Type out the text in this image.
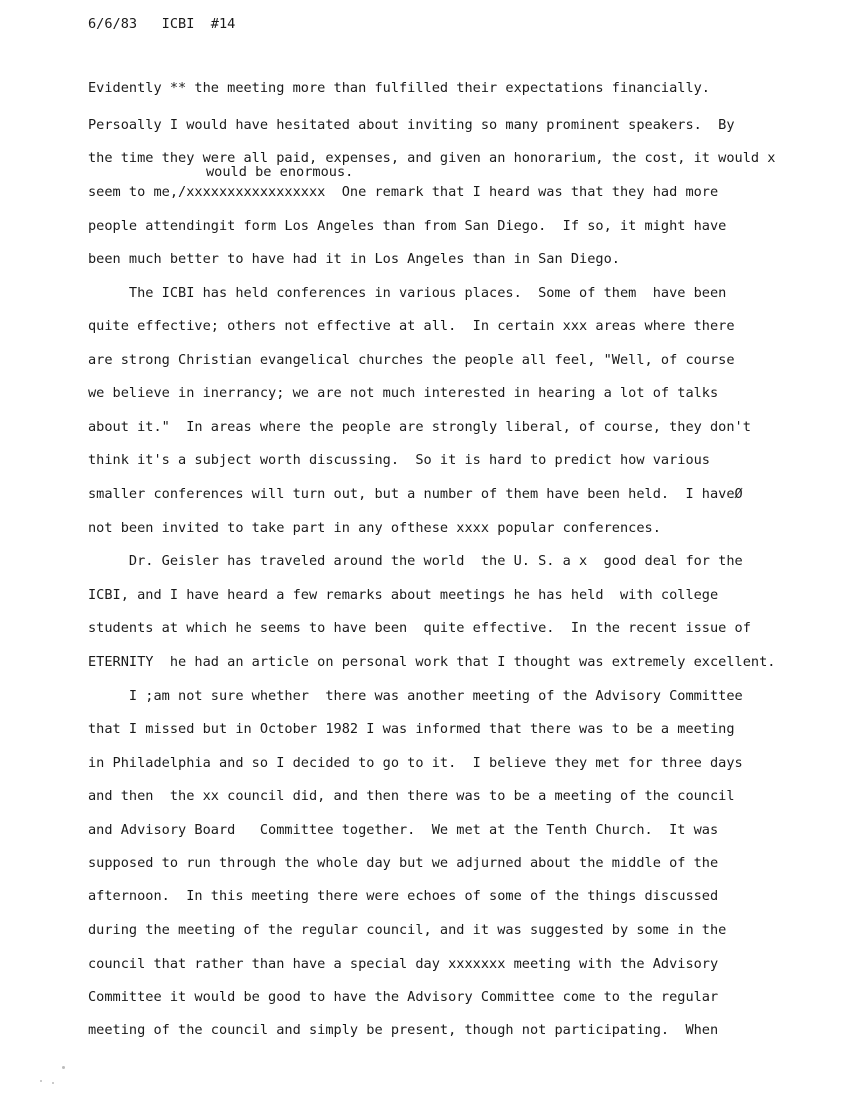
6/6/83   ICBI  #14
would be enormous.
Evidently ** the meeting more than fulfilled their expectations financially.
Persoally I would have hesitated about inviting so many prominent speakers.  By
the time they were all paid, expenses, and given an honorarium, the cost, it would x
seem to me,/xxxxxxxxxxxxxxxxx  One remark that I heard was that they had more
people attendingit form Los Angeles than from San Diego.  If so, it might have
been much better to have had it in Los Angeles than in San Diego.
The ICBI has held conferences in various places.  Some of them  have been
quite effective; others not effective at all.  In certain xxx areas where there
are strong Christian evangelical churches the people all feel, "Well, of course
we believe in inerrancy; we are not much interested in hearing a lot of talks
about it."  In areas where the people are strongly liberal, of course, they don't
think it's a subject worth discussing.  So it is hard to predict how various
smaller conferences will turn out, but a number of them have been held.  I haveØ
not been invited to take part in any ofthese xxxx popular conferences.
Dr. Geisler has traveled around the world  the U. S. a x  good deal for the
ICBI, and I have heard a few remarks about meetings he has held  with college
students at which he seems to have been  quite effective.  In the recent issue of
ETERNITY  he had an article on personal work that I thought was extremely excellent.
I ;am not sure whether  there was another meeting of the Advisory Committee
that I missed but in October 1982 I was informed that there was to be a meeting
in Philadelphia and so I decided to go to it.  I believe they met for three days
and then  the xx council did, and then there was to be a meeting of the council
and Advisory Board   Committee together.  We met at the Tenth Church.  It was
supposed to run through the whole day but we adjurned about the middle of the
afternoon.  In this meeting there were echoes of some of the things discussed
during the meeting of the regular council, and it was suggested by some in the
council that rather than have a special day xxxxxxx meeting with the Advisory
Committee it would be good to have the Advisory Committee come to the regular
meeting of the council and simply be present, though not participating.  When
